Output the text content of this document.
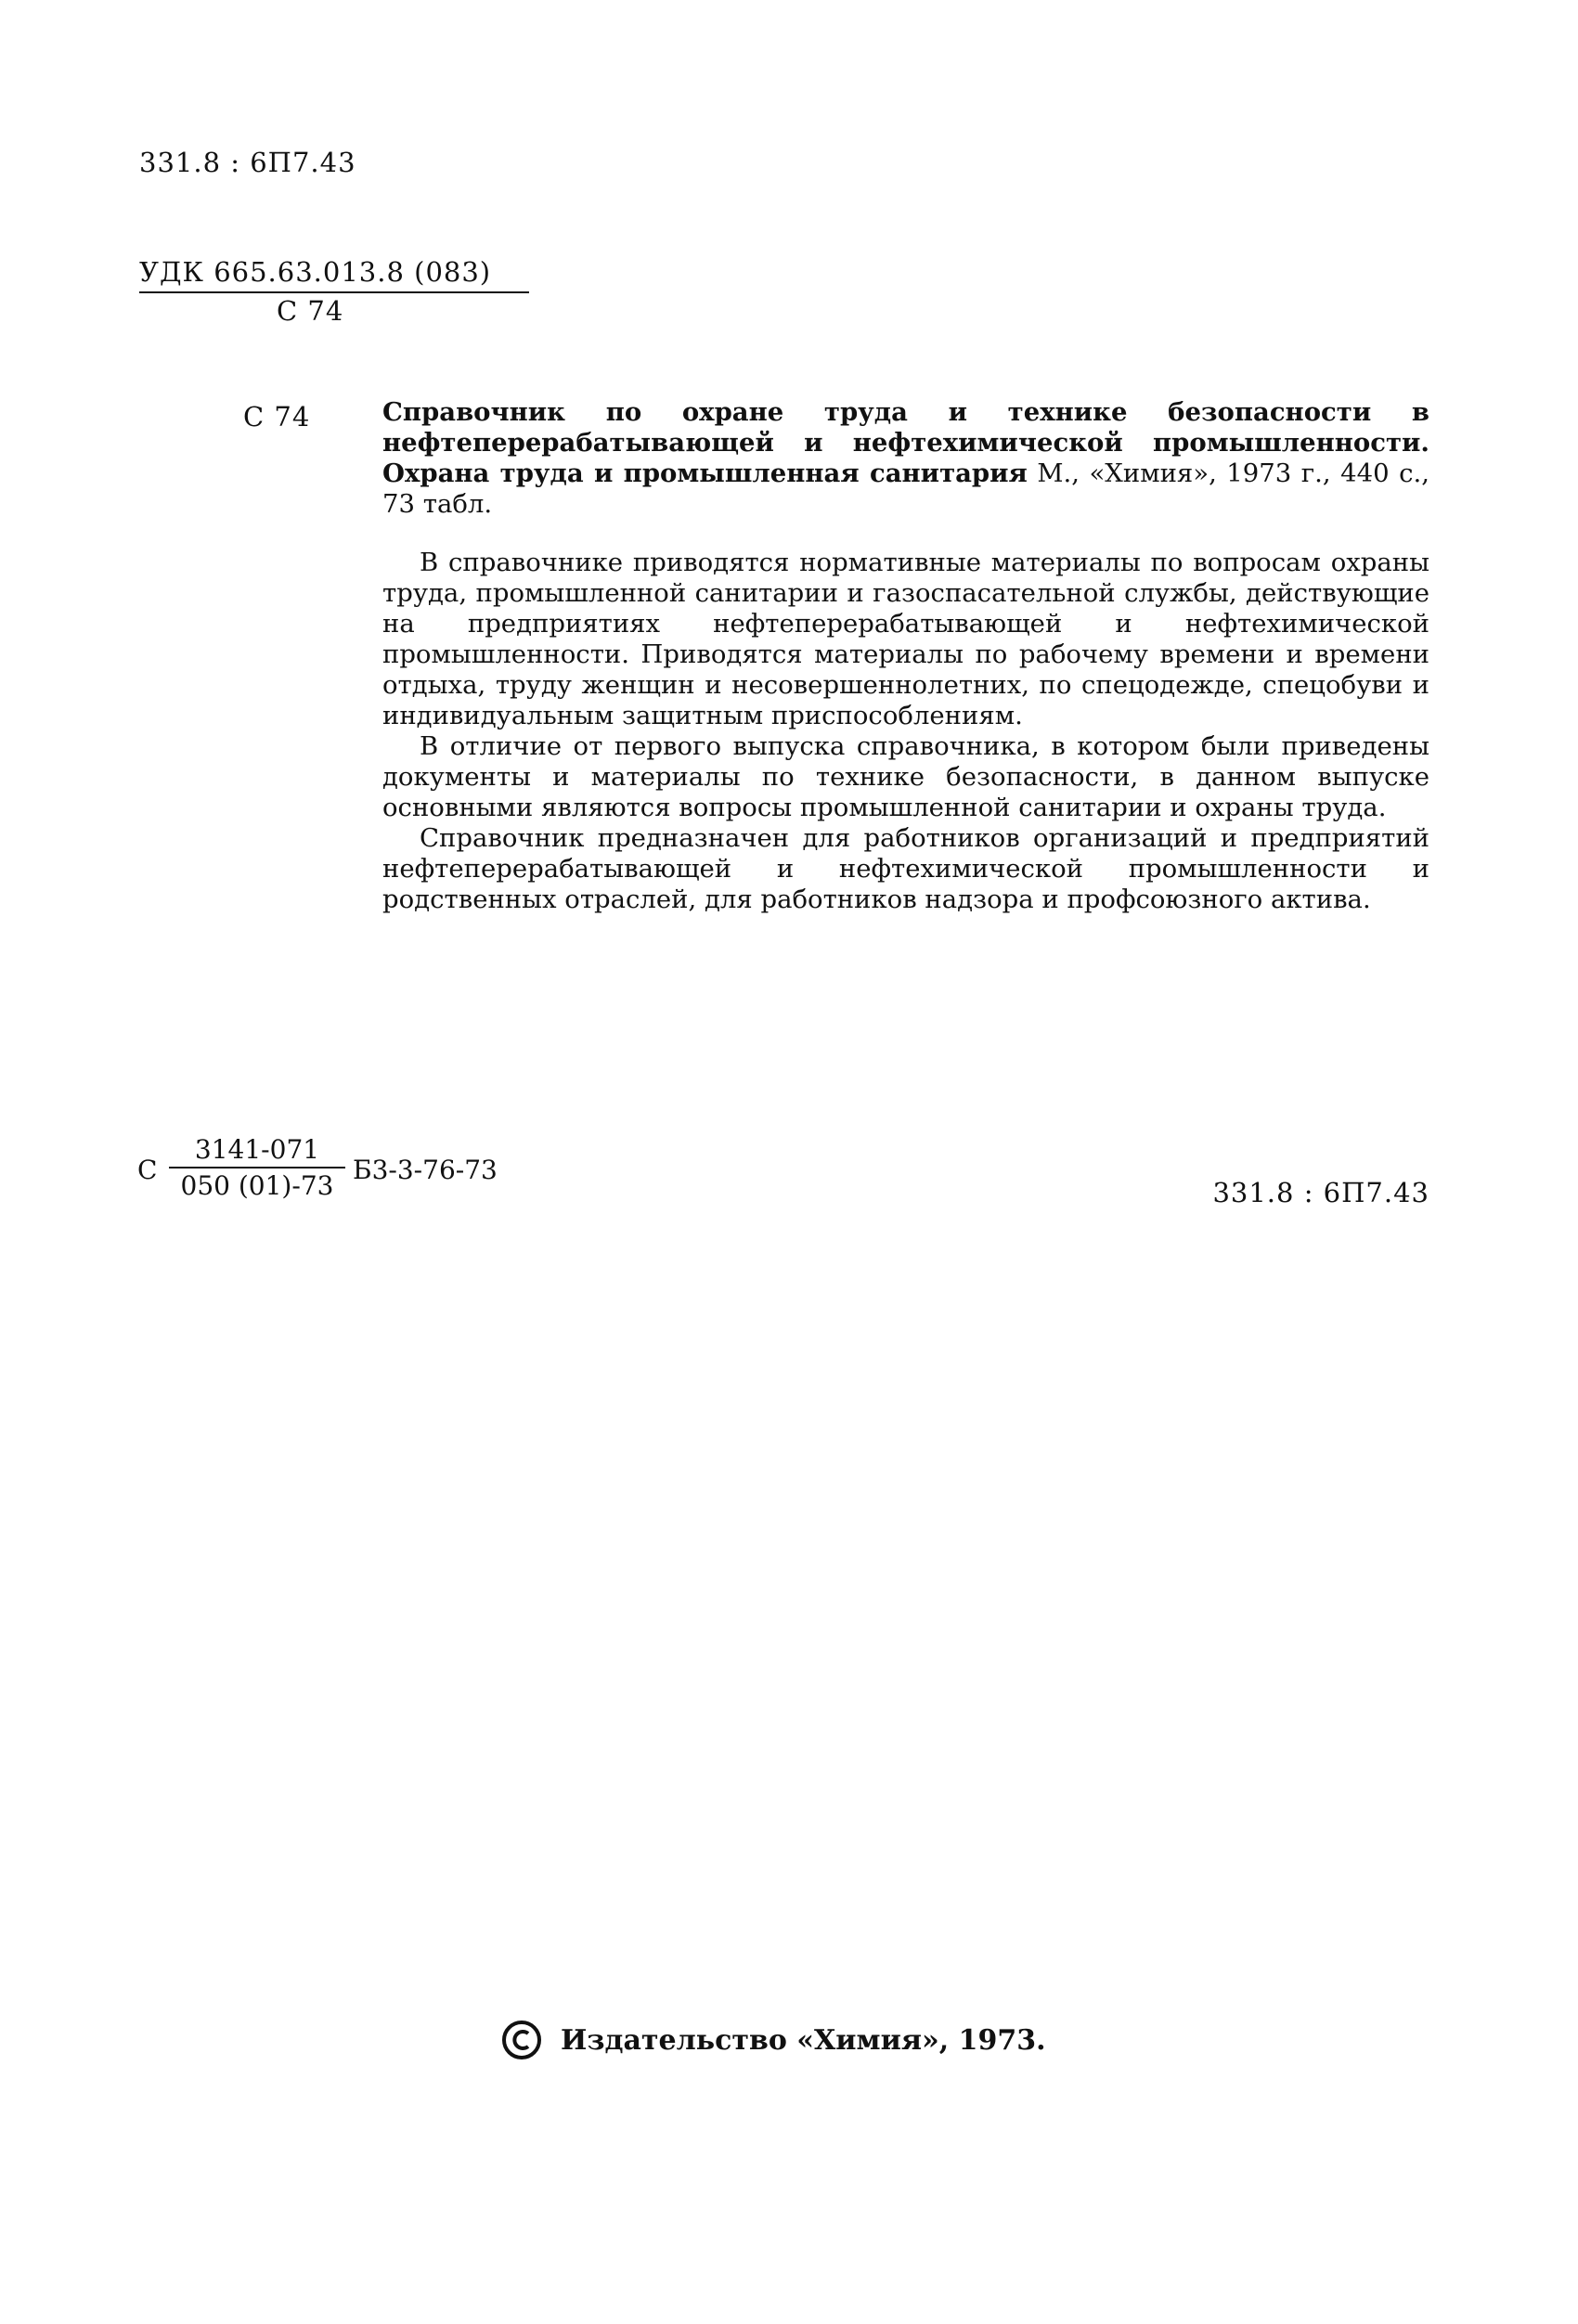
331.8 : 6П7.43
УДК 665.63.013.8 (083)
С 74
С 74	Справочник по охране труда и технике безопасности в нефтеперерабатывающей и нефтехимической промышленности. Охрана труда и промышленная санитария М., «Химия», 1973 г., 440 с., 73 табл.

В справочнике приводятся нормативные материалы по вопросам охраны труда, промышленной санитарии и газоспасательной службы, действующие на предприятиях нефтеперерабатывающей и нефтехимической промышленности. Приводятся материалы по рабочему времени и времени отдыха, труду женщин и несовершеннолетних, по спецодежде, спецобуви и индивидуальным защитным приспособлениям.

В отличие от первого выпуска справочника, в котором были приведены документы и материалы по технике безопасности, в данном выпуске основными являются вопросы промышленной санитарии и охраны труда.

Справочник предназначен для работников организаций и предприятий нефтеперерабатывающей и нефтехимической промышленности и родственных отраслей, для работников надзора и профсоюзного актива.

С $\frac{3141-071}{050 (01)-73} Б3-3-76-73$
331.8 : 6П7.43
Издательство «Химия», 1973.
